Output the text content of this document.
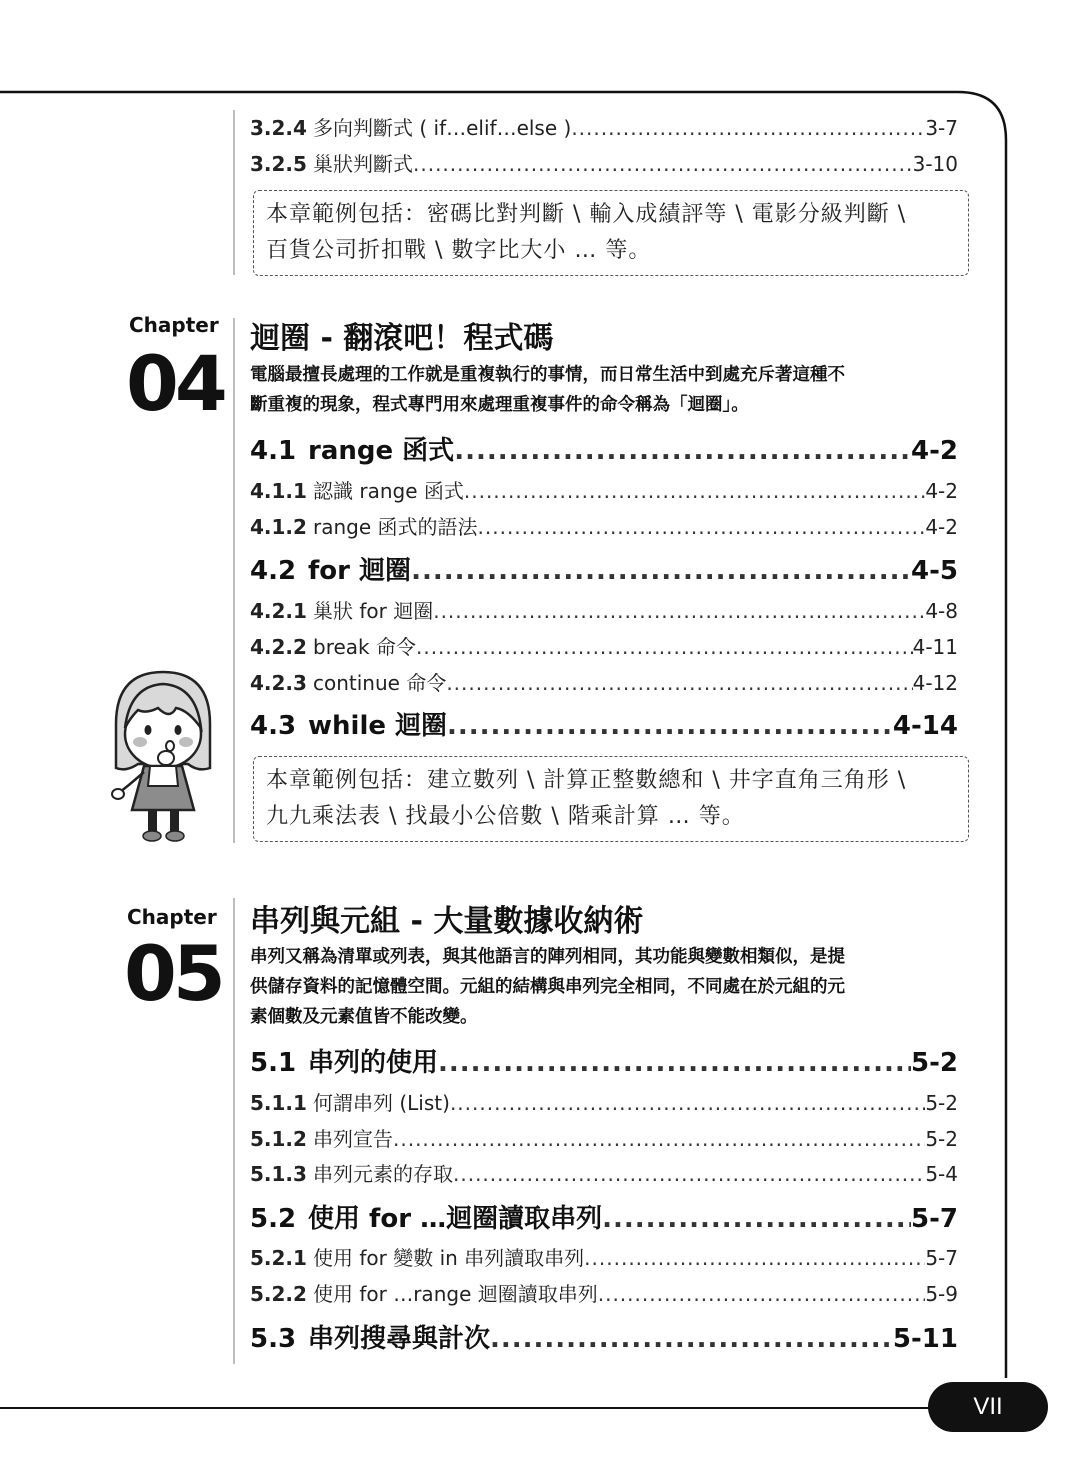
3.2.4 多向判斷式 ( if…elif…else ) .....	3-7
3.2.5 巢狀判斷式 .....	3-10
本章範例包括：密碼比對判斷 \ 輸入成績評等 \ 電影分級判斷 \
百貨公司折扣戰 \ 數字比大小 … 等。
Chapter
04
迴圈 - 翻滾吧！程式碼
電腦最擅長處理的工作就是重複執行的事情，而日常生活中到處充斥著這種不
斷重複的現象，程式專門用來處理重複事件的命令稱為「迴圈」。
4.1 range 函式 .....	4-2
4.1.1 認識 range 函式 .....	4-2
4.1.2 range 函式的語法 .....	4-2
4.2 for 迴圈 .....	4-5
4.2.1 巢狀 for 迴圈 .....	4-8
4.2.2 break 命令 .....	4-11
4.2.3 continue 命令 .....	4-12
4.3 while 迴圈 .....	4-14
本章範例包括：建立數列 \ 計算正整數總和 \ 井字直角三角形 \
九九乘法表 \ 找最小公倍數 \ 階乘計算 … 等。
Chapter
05
串列與元組 - 大量數據收納術
串列又稱為清單或列表，與其他語言的陣列相同，其功能與變數相類似，是提
供儲存資料的記憶體空間。元組的結構與串列完全相同，不同處在於元組的元
素個數及元素值皆不能改變。
5.1 串列的使用 .....	5-2
5.1.1 何謂串列 (List) .....	5-2
5.1.2 串列宣告 .....	5-2
5.1.3 串列元素的存取 .....	5-4
5.2 使用 for …迴圈讀取串列 .....	5-7
5.2.1 使用 for 變數 in 串列讀取串列 .....	5-7
5.2.2 使用 for …range 迴圈讀取串列 .....	5-9
5.3 串列搜尋與計次 .....	5-11
VII
